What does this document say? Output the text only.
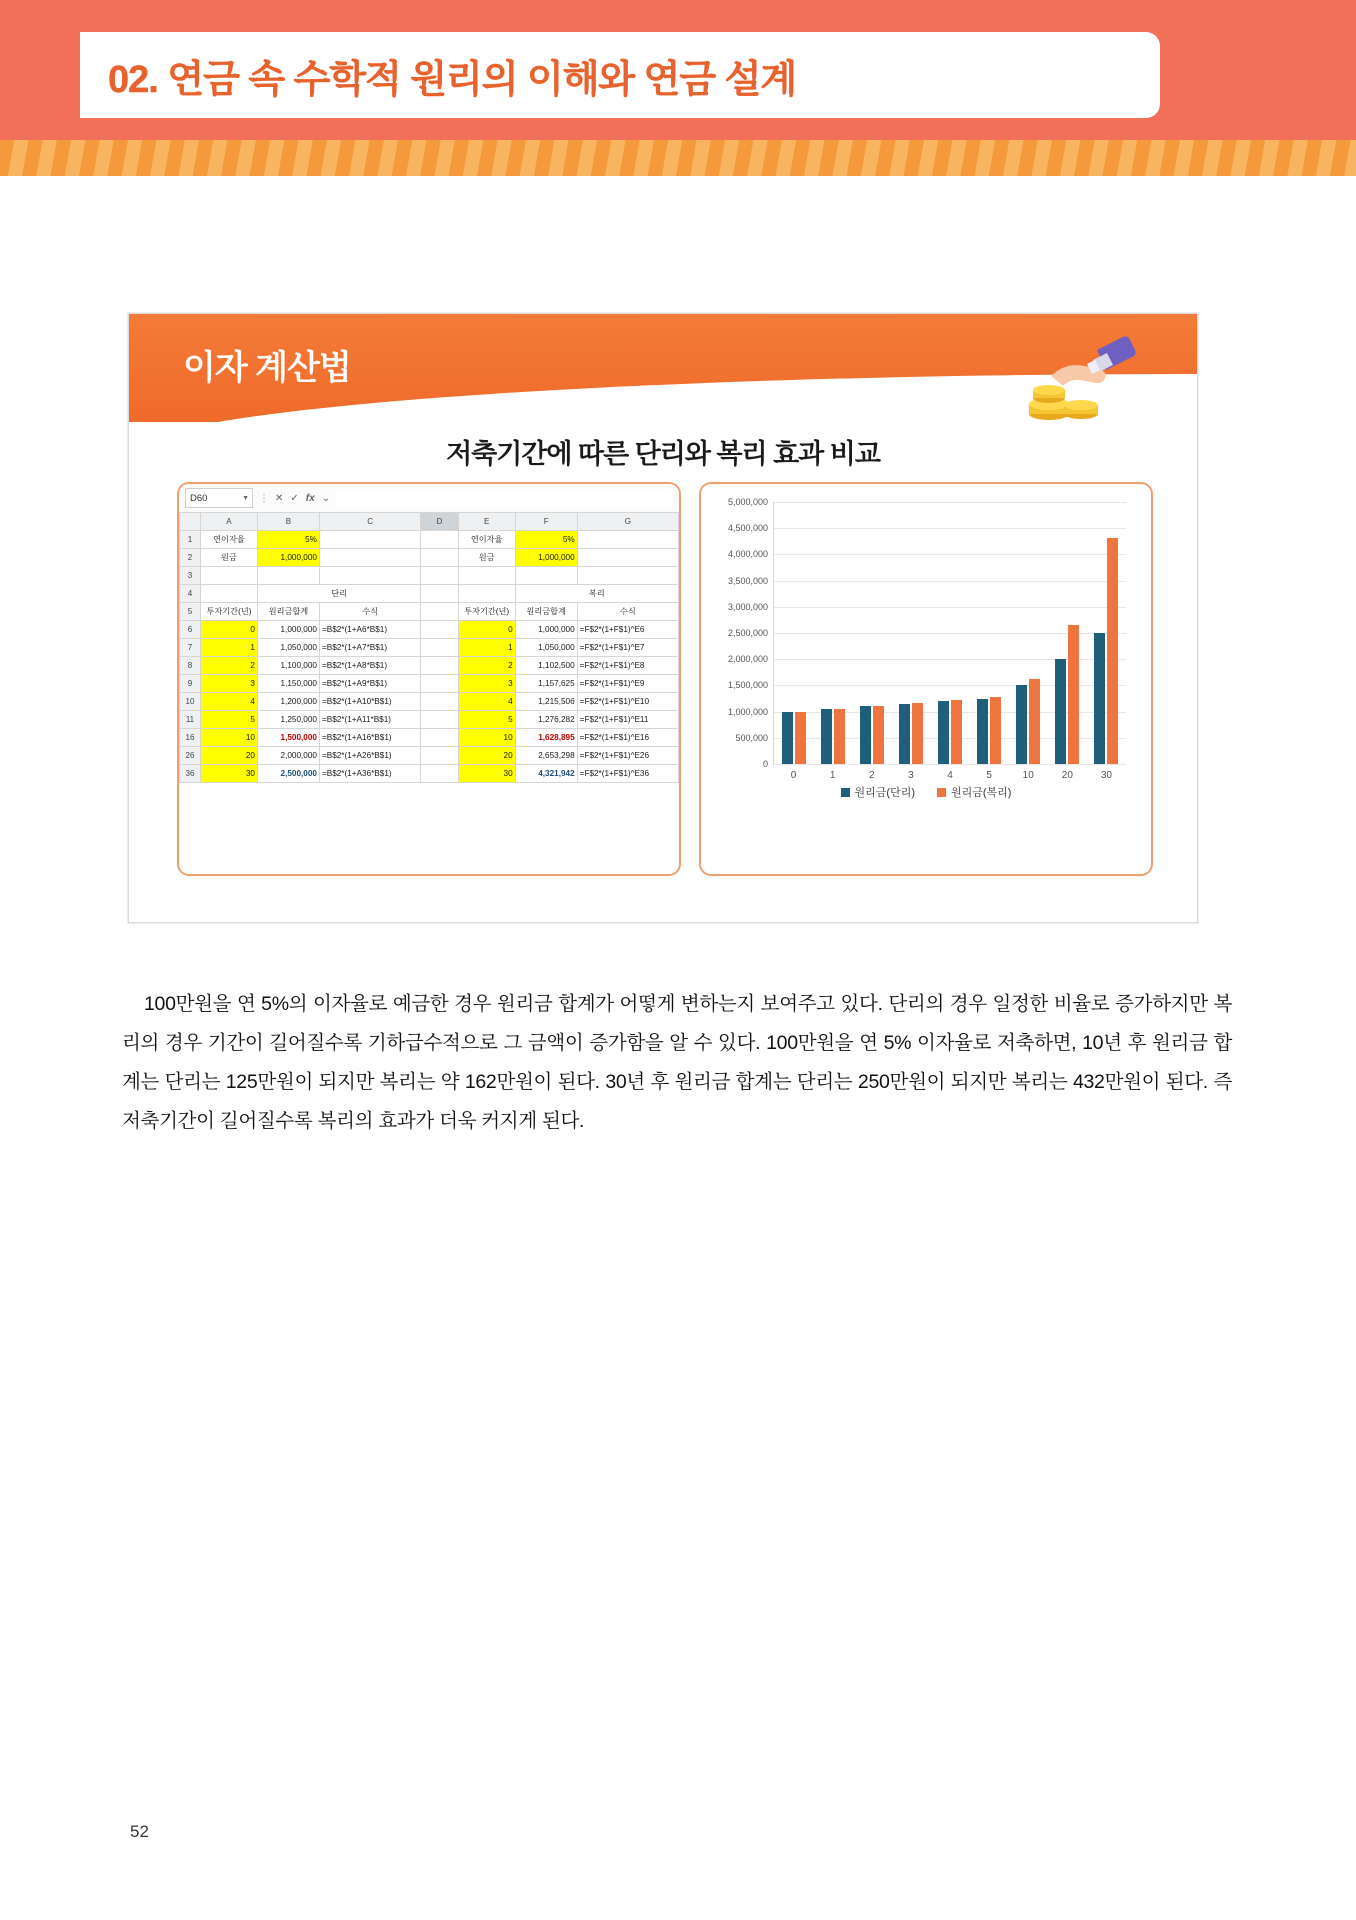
02. 연금 속 수학적 원리의 이해와 연금 설계
이자 계산법
저축기간에 따른 단리와 복리 효과 비교
D60	▼ ⋮ ✕ ✓ fx ⌄
	A	B	C	D	E	F	G
1	연이자율	5%			연이자율	5%	
2	원금	1,000,000			원금	1,000,000	
3							
4		단리				복리	
5	투자기간(년)	원리금합계	수식		투자기간(년)	원리금합계	수식
6	0	1,000,000	=B$2*(1+A6*B$1)		0	1,000,000	=F$2*(1+F$1)^E6
7	1	1,050,000	=B$2*(1+A7*B$1)		1	1,050,000	=F$2*(1+F$1)^E7
8	2	1,100,000	=B$2*(1+A8*B$1)		2	1,102,500	=F$2*(1+F$1)^E8
9	3	1,150,000	=B$2*(1+A9*B$1)		3	1,157,625	=F$2*(1+F$1)^E9
10	4	1,200,000	=B$2*(1+A10*B$1)		4	1,215,506	=F$2*(1+F$1)^E10
11	5	1,250,000	=B$2*(1+A11*B$1)		5	1,276,282	=F$2*(1+F$1)^E11
16	10	1,500,000	=B$2*(1+A16*B$1)		10	1,628,895	=F$2*(1+F$1)^E16
26	20	2,000,000	=B$2*(1+A26*B$1)		20	2,653,298	=F$2*(1+F$1)^E26
36	30	2,500,000	=B$2*(1+A36*B$1)		30	4,321,942	=F$2*(1+F$1)^E36
0
500,000
1,000,000
1,500,000
2,000,000
2,500,000
3,000,000
3,500,000
4,000,000
4,500,000
5,000,000
0	1	2	3	4	5	10	20	30
원리금(단리)	원리금(복리)

100만원을 연 5%의 이자율로 예금한 경우 원리금 합계가 어떻게 변하는지 보여주고 있다. 단리의 경우 일정한 비율로 증가하지만 복리의 경우 기간이 길어질수록 기하급수적으로 그 금액이 증가함을 알 수 있다. 100만원을 연 5% 이자율로 저축하면, 10년 후 원리금 합계는 단리는 125만원이 되지만 복리는 약 162만원이 된다. 30년 후 원리금 합계는 단리는 250만원이 되지만 복리는 432만원이 된다. 즉 저축기간이 길어질수록 복리의 효과가 더욱 커지게 된다.

52
